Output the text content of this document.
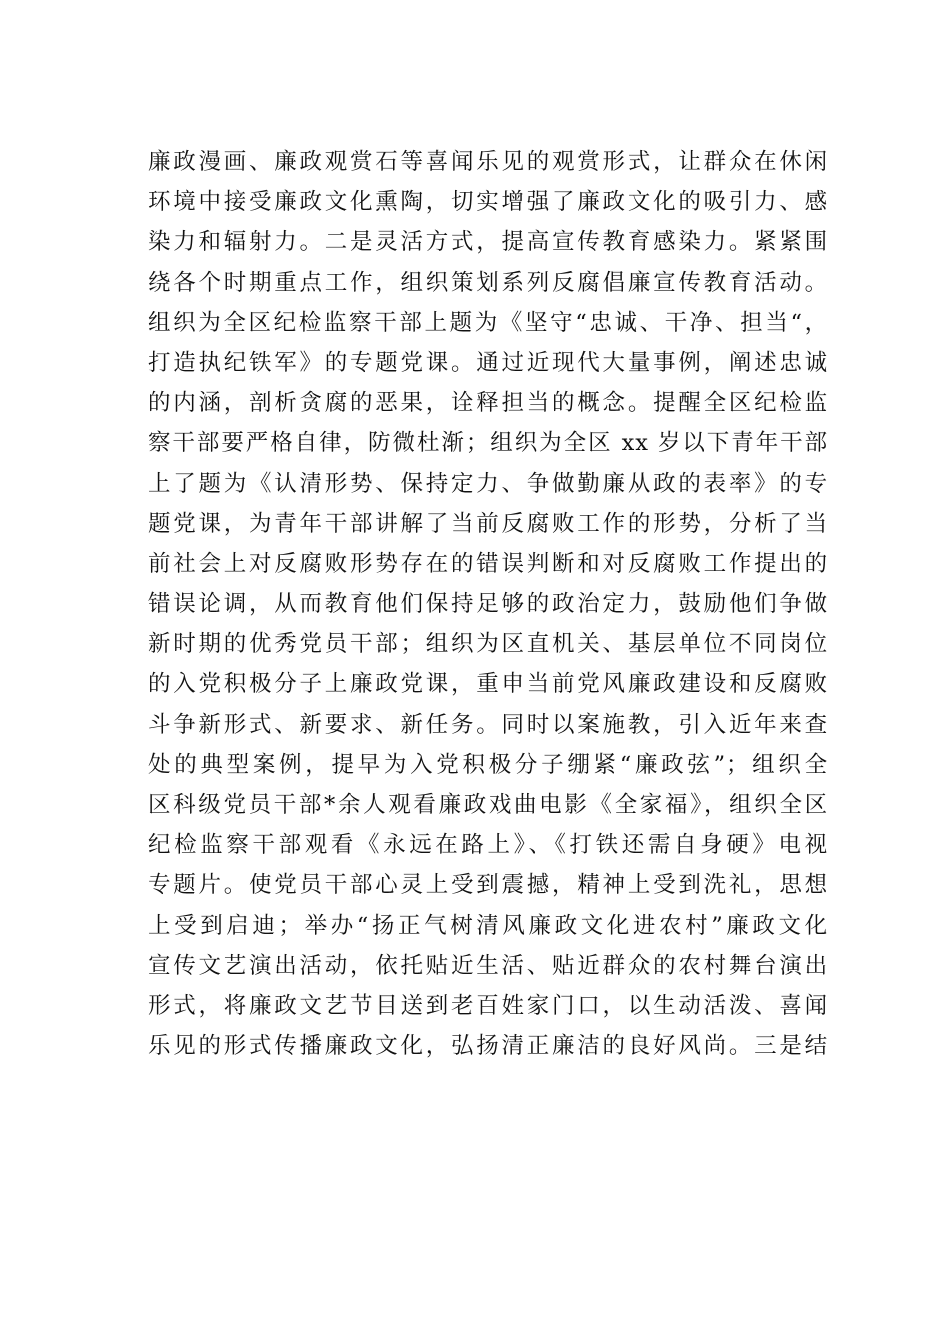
廉政漫画、廉政观赏石等喜闻乐见的观赏形式，让群众在休闲
环境中接受廉政文化熏陶，切实增强了廉政文化的吸引力、感
染力和辐射力。二是灵活方式，提高宣传教育感染力。紧紧围
绕各个时期重点工作，组织策划系列反腐倡廉宣传教育活动。
组织为全区纪检监察干部上题为《坚守“忠诚、干净、担当“，
打造执纪铁军》的专题党课。通过近现代大量事例，阐述忠诚
的内涵，剖析贪腐的恶果，诠释担当的概念。提醒全区纪检监
察干部要严格自律，防微杜渐；组织为全区 xx 岁以下青年干部
上了题为《认清形势、保持定力、争做勤廉从政的表率》的专
题党课，为青年干部讲解了当前反腐败工作的形势，分析了当
前社会上对反腐败形势存在的错误判断和对反腐败工作提出的
错误论调，从而教育他们保持足够的政治定力，鼓励他们争做
新时期的优秀党员干部；组织为区直机关、基层单位不同岗位
的入党积极分子上廉政党课，重申当前党风廉政建设和反腐败
斗争新形式、新要求、新任务。同时以案施教，引入近年来查
处的典型案例，提早为入党积极分子绷紧“廉政弦”；组织全
区科级党员干部*余人观看廉政戏曲电影《全家福》，组织全区
纪检监察干部观看《永远在路上》、《打铁还需自身硬》电视
专题片。使党员干部心灵上受到震撼，精神上受到洗礼，思想
上受到启迪；举办“扬正气树清风廉政文化进农村”廉政文化
宣传文艺演出活动，依托贴近生活、贴近群众的农村舞台演出
形式，将廉政文艺节目送到老百姓家门口，以生动活泼、喜闻
乐见的形式传播廉政文化，弘扬清正廉洁的良好风尚。三是结
